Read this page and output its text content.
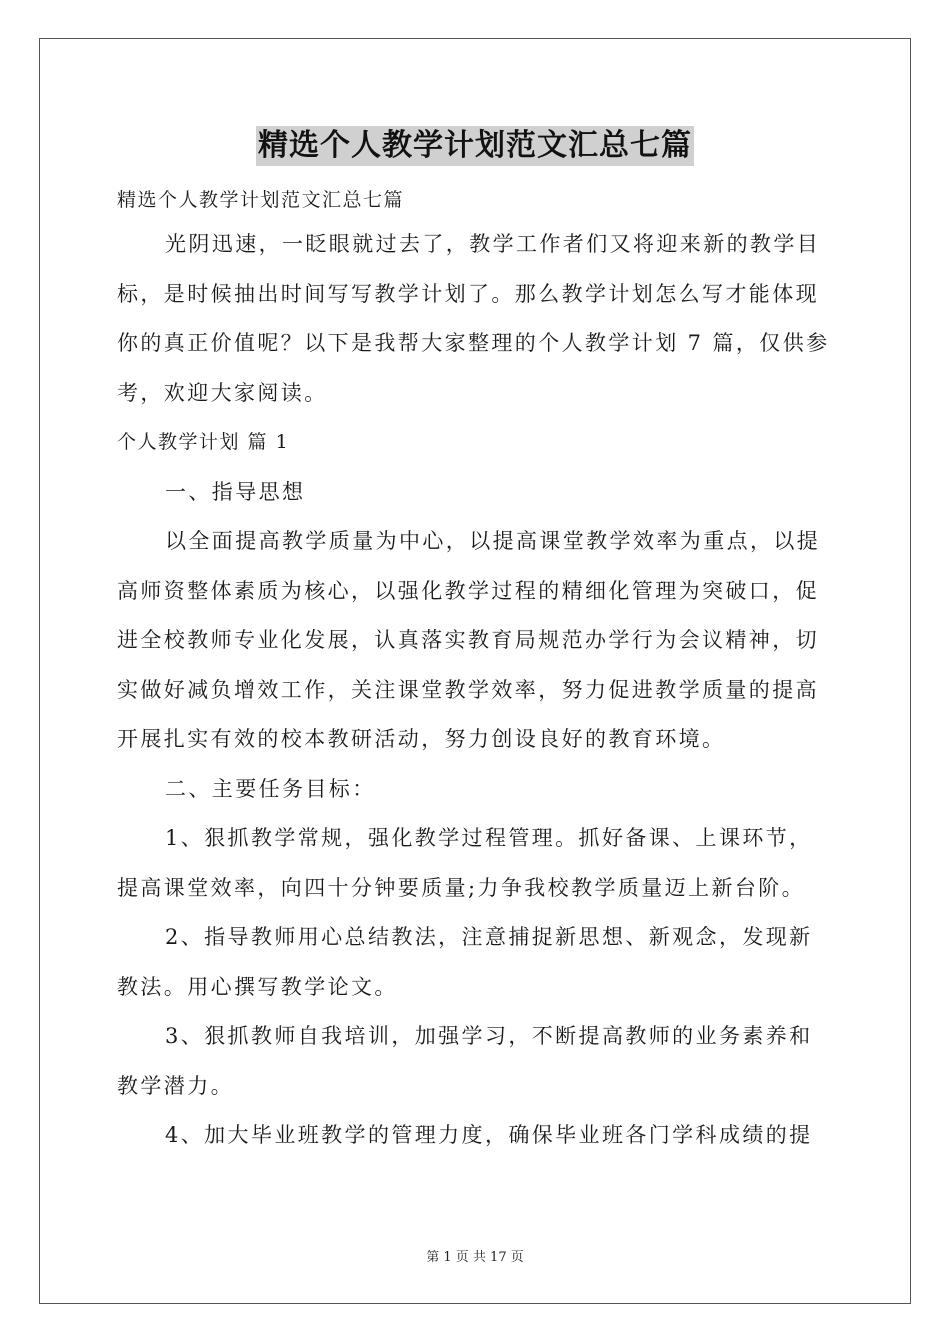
精选个人教学计划范文汇总七篇
精选个人教学计划范文汇总七篇
光阴迅速，一眨眼就过去了，教学工作者们又将迎来新的教学目
标，是时候抽出时间写写教学计划了。那么教学计划怎么写才能体现
你的真正价值呢？以下是我帮大家整理的个人教学计划 7 篇，仅供参
考，欢迎大家阅读。
个人教学计划 篇 1
一、指导思想
以全面提高教学质量为中心，以提高课堂教学效率为重点，以提
高师资整体素质为核心，以强化教学过程的精细化管理为突破口，促
进全校教师专业化发展，认真落实教育局规范办学行为会议精神，切
实做好减负增效工作，关注课堂教学效率，努力促进教学质量的提高
开展扎实有效的校本教研活动，努力创设良好的教育环境。
二、主要任务目标：
1、狠抓教学常规，强化教学过程管理。抓好备课、上课环节，
提高课堂效率，向四十分钟要质量;力争我校教学质量迈上新台阶。
2、指导教师用心总结教法，注意捕捉新思想、新观念，发现新
教法。用心撰写教学论文。
3、狠抓教师自我培训，加强学习，不断提高教师的业务素养和
教学潜力。
4、加大毕业班教学的管理力度，确保毕业班各门学科成绩的提
第 1 页 共 17 页
